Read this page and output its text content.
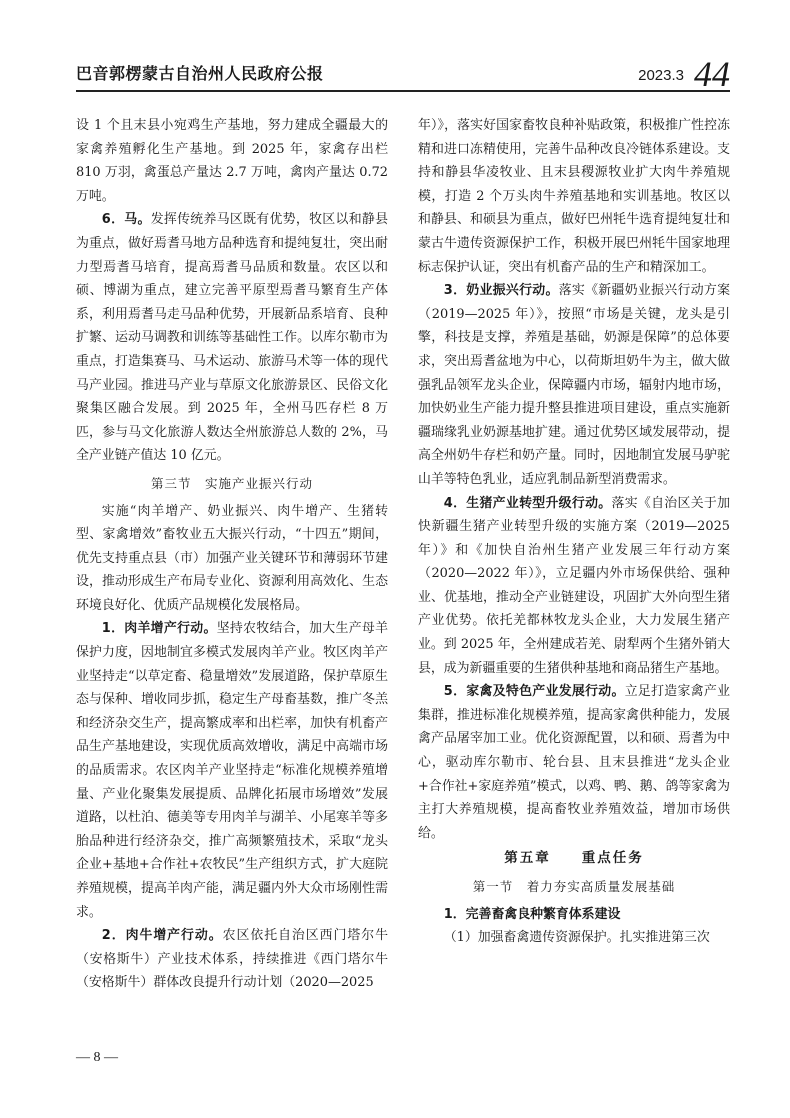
巴音郭楞蒙古自治州人民政府公报	2023.3 44

设 1 个且末县小宛鸡生产基地，努力建成全疆最大的家禽养殖孵化生产基地。到 2025 年，家禽存出栏 810 万羽，禽蛋总产量达 2.7 万吨，禽肉产量达 0.72 万吨。

6．马。发挥传统养马区既有优势，牧区以和静县为重点，做好焉耆马地方品种选育和提纯复壮，突出耐力型焉耆马培育，提高焉耆马品质和数量。农区以和硕、博湖为重点，建立完善平原型焉耆马繁育生产体系，利用焉耆马走马品种优势，开展新品系培育、良种扩繁、运动马调教和训练等基础性工作。以库尔勒市为重点，打造集赛马、马术运动、旅游马术等一体的现代马产业园。推进马产业与草原文化旅游景区、民俗文化聚集区融合发展。到 2025 年，全州马匹存栏 8 万匹，参与马文化旅游人数达全州旅游总人数的 2%，马全产业链产值达 10 亿元。

第三节　实施产业振兴行动

实施“肉羊增产、奶业振兴、肉牛增产、生猪转型、家禽增效”畜牧业五大振兴行动，“十四五”期间，优先支持重点县（市）加强产业关键环节和薄弱环节建设，推动形成生产布局专业化、资源利用高效化、生态环境良好化、优质产品规模化发展格局。

1．肉羊增产行动。坚持农牧结合，加大生产母羊保护力度，因地制宜多模式发展肉羊产业。牧区肉羊产业坚持走“以草定畜、稳量增效”发展道路，保护草原生态与保种、增收同步抓，稳定生产母畜基数，推广冬羔和经济杂交生产，提高繁成率和出栏率，加快有机畜产品生产基地建设，实现优质高效增收，满足中高端市场的品质需求。农区肉羊产业坚持走“标准化规模养殖增量、产业化聚集发展提质、品牌化拓展市场增效”发展道路，以杜泊、德美等专用肉羊与湖羊、小尾寒羊等多胎品种进行经济杂交，推广高频繁殖技术，采取“龙头企业+基地+合作社+农牧民”生产组织方式，扩大庭院养殖规模，提高羊肉产能，满足疆内外大众市场刚性需求。

2．肉牛增产行动。农区依托自治区西门塔尔牛（安格斯牛）产业技术体系，持续推进《西门塔尔牛（安格斯牛）群体改良提升行动计划（2020—2025

年）》，落实好国家畜牧良种补贴政策，积极推广性控冻精和进口冻精使用，完善牛品种改良冷链体系建设。支持和静县华凌牧业、且末县稷源牧业扩大肉牛养殖规模，打造 2 个万头肉牛养殖基地和实训基地。牧区以和静县、和硕县为重点，做好巴州牦牛选育提纯复壮和蒙古牛遗传资源保护工作，积极开展巴州牦牛国家地理标志保护认证，突出有机畜产品的生产和精深加工。

3．奶业振兴行动。落实《新疆奶业振兴行动方案（2019—2025 年）》，按照“市场是关键，龙头是引擎，科技是支撑，养殖是基础，奶源是保障”的总体要求，突出焉耆盆地为中心，以荷斯坦奶牛为主，做大做强乳品领军龙头企业，保障疆内市场，辐射内地市场，加快奶业生产能力提升整县推进项目建设，重点实施新疆瑞缘乳业奶源基地扩建。通过优势区域发展带动，提高全州奶牛存栏和奶产量。同时，因地制宜发展马驴驼山羊等特色乳业，适应乳制品新型消费需求。

4．生猪产业转型升级行动。落实《自治区关于加快新疆生猪产业转型升级的实施方案（2019—2025 年）》和《加快自治州生猪产业发展三年行动方案（2020—2022 年）》，立足疆内外市场保供给、强种业、优基地，推动全产业链建设，巩固扩大外向型生猪产业优势。依托羌都林牧龙头企业，大力发展生猪产业。到 2025 年，全州建成若羌、尉犁两个生猪外销大县，成为新疆重要的生猪供种基地和商品猪生产基地。

5．家禽及特色产业发展行动。立足打造家禽产业集群，推进标准化规模养殖，提高家禽供种能力，发展禽产品屠宰加工业。优化资源配置，以和硕、焉耆为中心，驱动库尔勒市、轮台县、且末县推进“龙头企业+合作社+家庭养殖”模式，以鸡、鸭、鹅、鸽等家禽为主打大养殖规模，提高畜牧业养殖效益，增加市场供给。

第五章　　重点任务
第一节　着力夯实高质量发展基础

1．完善畜禽良种繁育体系建设

（1）加强畜禽遗传资源保护。扎实推进第三次

— 8 —
